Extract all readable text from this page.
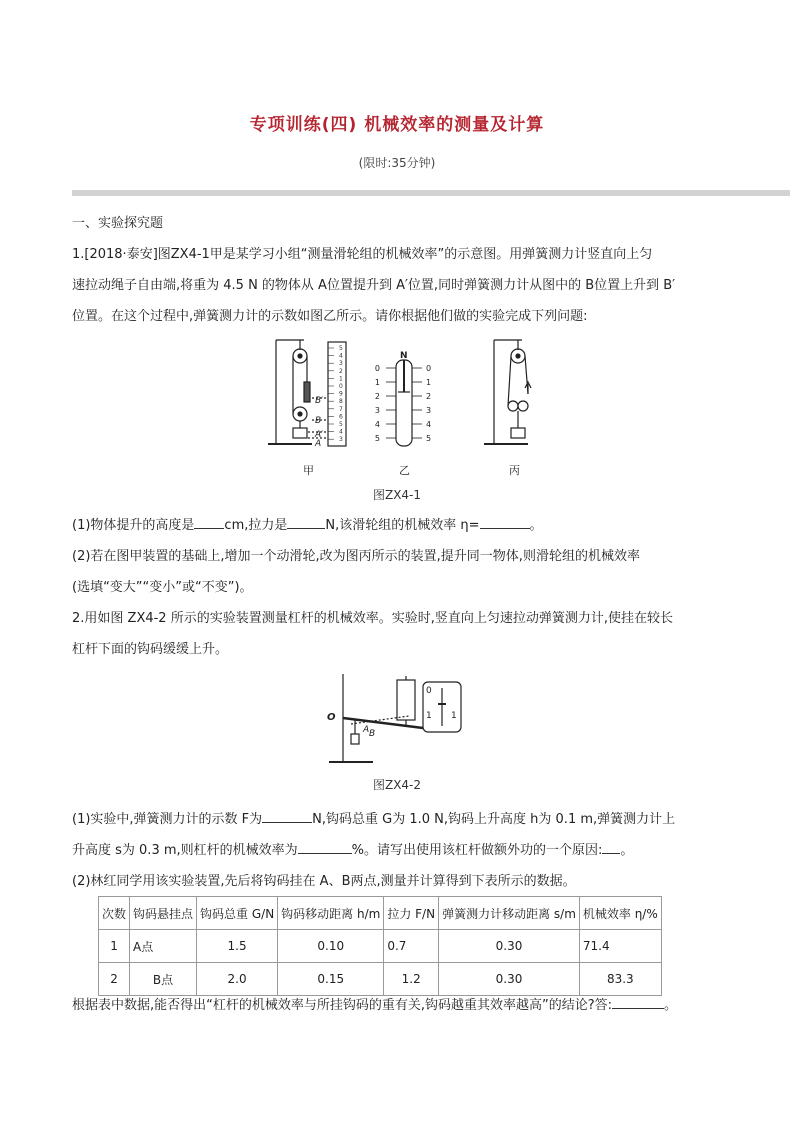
专项训练(四) 机械效率的测量及计算
(限时:35分钟)
一、实验探究题
1.[2018·泰安]图ZX4-1甲是某学习小组“测量滑轮组的机械效率”的示意图。用弹簧测力计竖直向上匀
速拉动绳子自由端,将重为 4.5 N 的物体从 A位置提升到 A′位置,同时弹簧测力计从图中的 B位置上升到 B′
位置。在这个过程中,弹簧测力计的示数如图乙所示。请你根据他们做的实验完成下列问题:
5
4
3
2
1
0
9
8
7
6
5
4
3
B′
B
A′
A
0	0
1	1
2	2
3	3
4	4
5	5
N
甲	乙	丙
图ZX4-1
(1)物体提升的高度是 cm,拉力是	N,该滑轮组的机械效率 η=	。
(2)若在图甲装置的基础上,增加一个动滑轮,改为图丙所示的装置,提升同一物体,则滑轮组的机械效率
(选填“变大”“变小”或“不变”)。
2.用如图 ZX4-2 所示的实验装置测量杠杆的机械效率。实验时,竖直向上匀速拉动弹簧测力计,使挂在较长
杠杆下面的钩码缓缓上升。
O
A B
0
1 1
图ZX4-2
(1)实验中,弹簧测力计的示数 F为	N,钩码总重 G为 1.0 N,钩码上升高度 h为 0.1 m,弹簧测力计上
升高度 s为 0.3 m,则杠杆的机械效率为	%。请写出使用该杠杆做额外功的一个原因: 。
(2)林红同学用该实验装置,先后将钩码挂在 A、B两点,测量并计算得到下表所示的数据。
次数	钩码悬挂点	钩码总重 G/N	钩码移动距离 h/m	拉力 F/N	弹簧测力计移动距离 s/m	机械效率 η/%
1	A点	1.5	0.10	0.7	0.30	71.4
2	B点	2.0	0.15	1.2	0.30	83.3
根据表中数据,能否得出“杠杆的机械效率与所挂钩码的重有关,钩码越重其效率越高”的结论?答:	。
